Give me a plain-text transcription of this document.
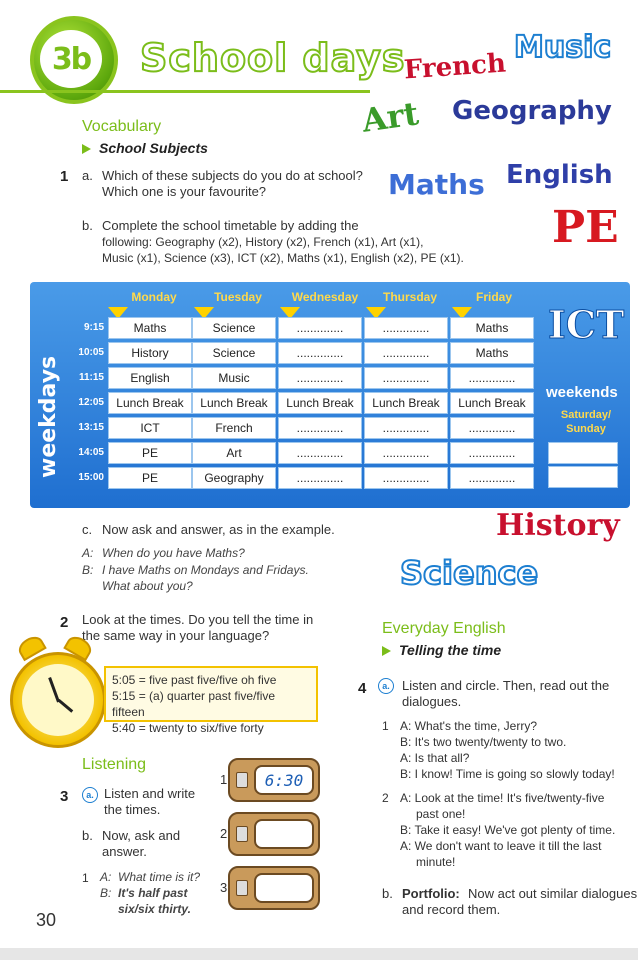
3b School days
French
Music
Art Geography
Maths English
PE
History
Science
Vocabulary
School Subjects
1 a. Which of these subjects do you do at school?
Which one is your favourite?
b. Complete the school timetable by adding the
following: Geography (x2), History (x2), French (x1), Art (x1),
Music (x1), Science (x3), ICT (x2), Maths (x1), English (x2), PE (x1).
weekdays
Monday	Tuesday	Wednesday	Thursday	Friday
9:15	Maths	Science	..............	..............	Maths
10:05	History	Science	..............	..............	Maths
11:15	English	Music	..............	..............	..............
12:05	Lunch Break	Lunch Break	Lunch Break	Lunch Break	Lunch Break
13:15	ICT	French	..............	..............	..............
14:05	PE	Art	..............	..............	..............
15:00	PE	Geography	..............	..............	..............
ICT
weekends
Saturday/ Sunday
c. Now ask and answer, as in the example.
A: When do you have Maths?
B: I have Maths on Mondays and Fridays.
What about you?
2 Look at the times. Do you tell the time in
the same way in your language?
5:05 = five past five/five oh five
5:15 = (a) quarter past five/five fifteen
5:40 = twenty to six/five forty
Listening
3	a. Listen and write
the times.
b. Now, ask and
answer.
1 A: What time is it?
B: It's half past
six/six thirty.
1	6:30
2
3
Everyday English
Telling the time
4	a. Listen and circle. Then, read out the
dialogues.
1 A: What's the time, Jerry?
B: It's two twenty/twenty to two.
A: Is that all?
B: I know! Time is going so slowly today!
2 A: Look at the time! It's five/twenty-five
past one!
B: Take it easy! We've got plenty of time.
A: We don't want to leave it till the last
minute!
b. Portfolio: Now act out similar dialogues
and record them.
30
